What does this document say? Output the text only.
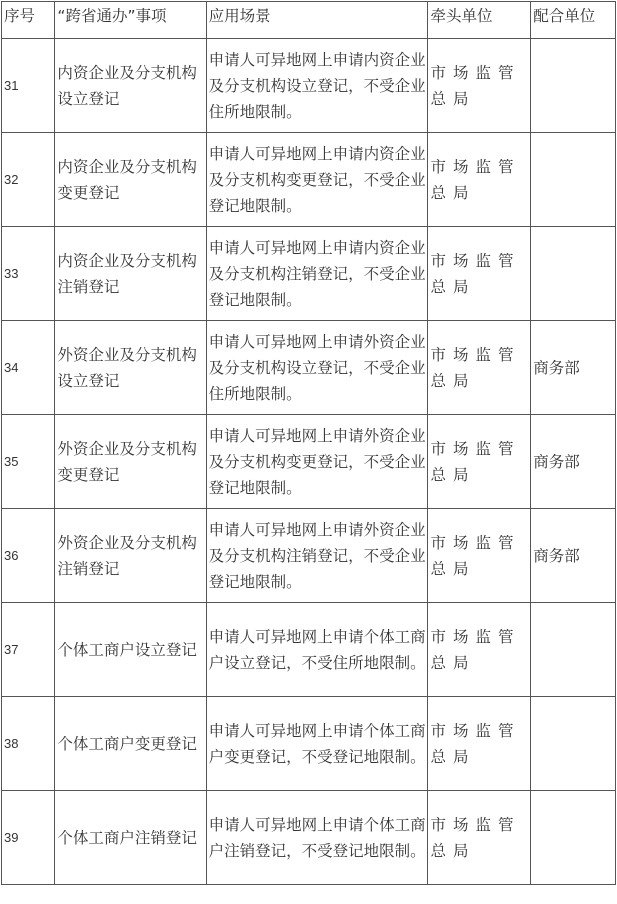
序号	“跨省通办”事项	应用场景	牵头单位	配合单位
31	内资企业及分支机构设立登记	申请人可异地网上申请内资企业及分支机构设立登记，不受企业住所地限制。	市场监管总局	
32	内资企业及分支机构变更登记	申请人可异地网上申请内资企业及分支机构变更登记，不受企业登记地限制。	市场监管总局	
33	内资企业及分支机构注销登记	申请人可异地网上申请内资企业及分支机构注销登记，不受企业登记地限制。	市场监管总局	
34	外资企业及分支机构设立登记	申请人可异地网上申请外资企业及分支机构设立登记，不受企业住所地限制。	市场监管总局	商务部
35	外资企业及分支机构变更登记	申请人可异地网上申请外资企业及分支机构变更登记，不受企业登记地限制。	市场监管总局	商务部
36	外资企业及分支机构注销登记	申请人可异地网上申请外资企业及分支机构注销登记，不受企业登记地限制。	市场监管总局	商务部
37	个体工商户设立登记	申请人可异地网上申请个体工商户设立登记，不受住所地限制。	市场监管总局	
38	个体工商户变更登记	申请人可异地网上申请个体工商户变更登记，不受登记地限制。	市场监管总局	
39	个体工商户注销登记	申请人可异地网上申请个体工商户注销登记，不受登记地限制。	市场监管总局	
